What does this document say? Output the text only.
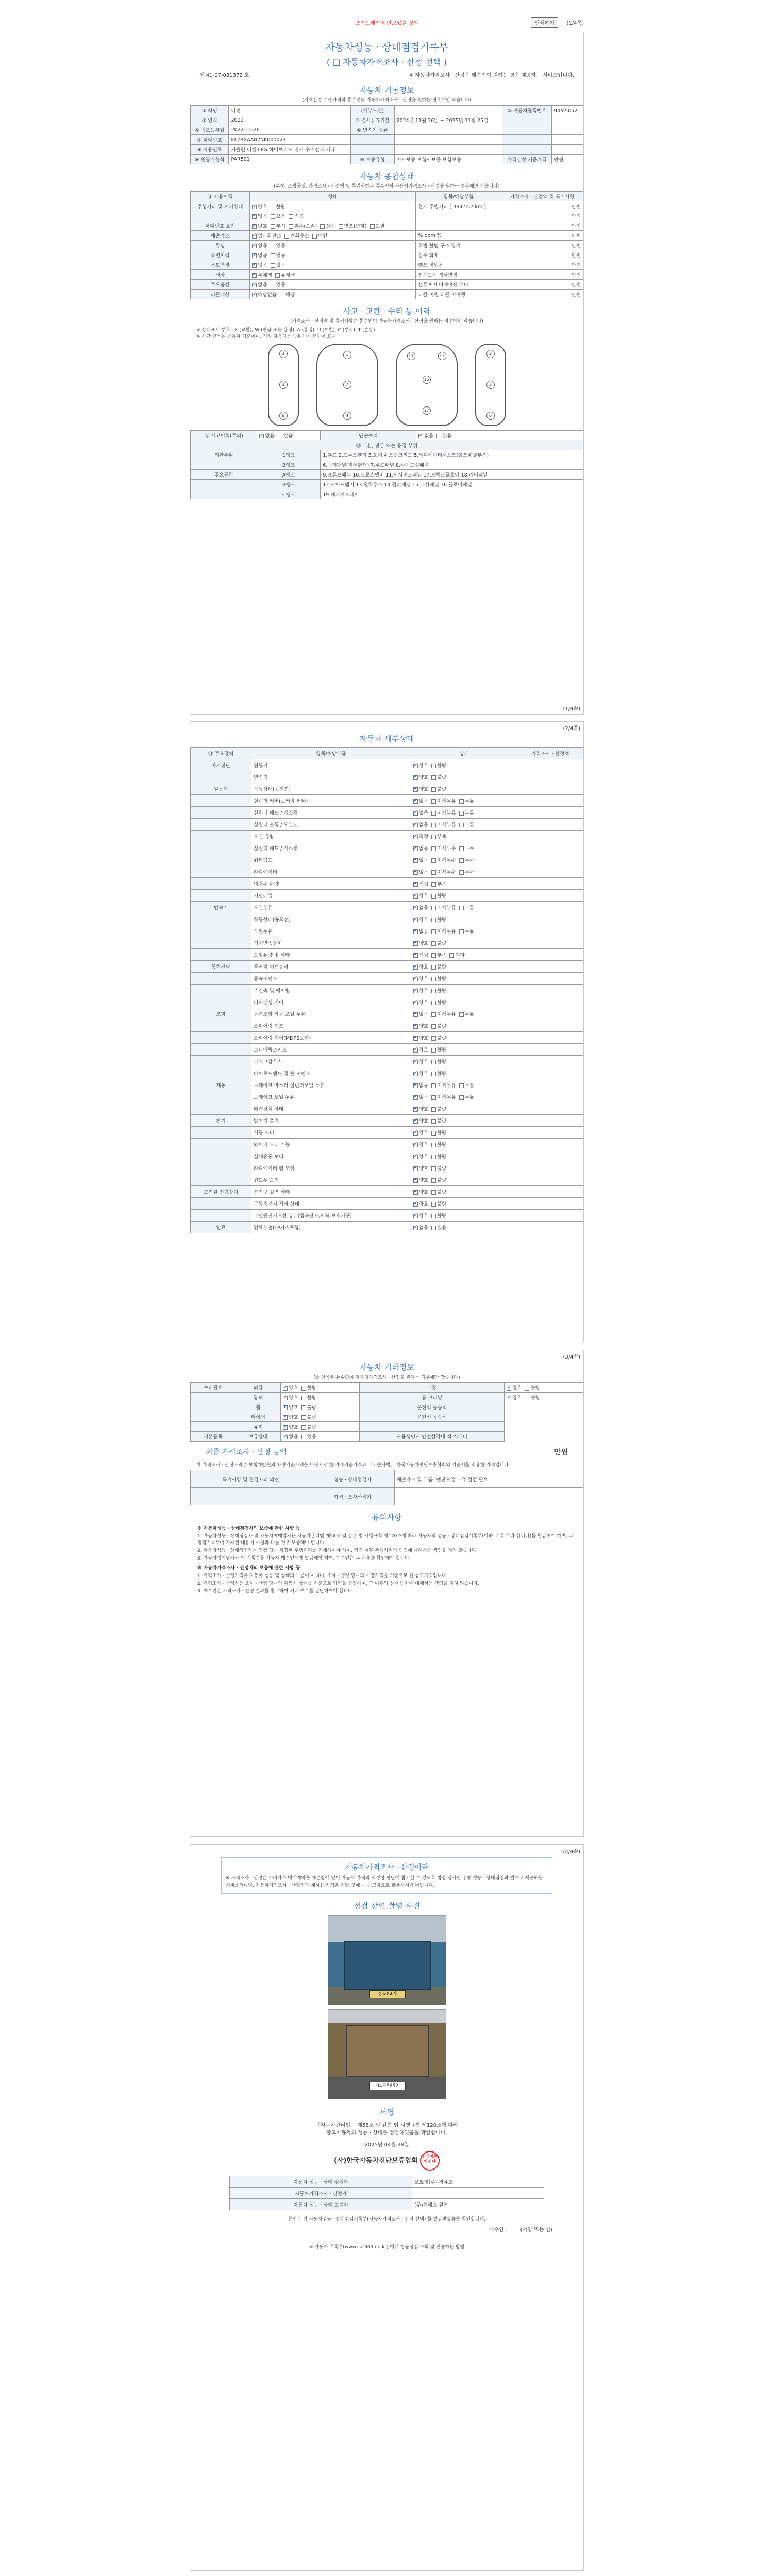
조인트레인데 안보았을 경의	인쇄하기	(1/4쪽)
자동차성능 · 상태점검기록부
( □ 자동차가격조사 · 산정 선택 )
제 41-07-081372 호	※ 자동차가격조사 · 산정은 매수인이 원하는 경우 제공하는 서비스입니다.
자동차 기본정보
(가격산정 기준가격과 통수인의 자동차가격조사 · 산정을 원하는 경우에만 작습니다)
① 차명	다면	(세부모델)		② 자동차등록번호	94도5852
③ 연식	2022	④ 검사유효기간	2024년 11월 26일 ~ 2025년 11월 25일		
⑤ 최초등록일	2022-11-26	⑥ 변속기 종류			
⑦ 차대번호	KL7RXAAB2NK000023				
⑧ 사용연료	가솔린 디젤 LPG 하이브리드 전기 수소전기 기타				
⑨ 원동기형식	PAR501	⑩ 보증유형	자가보증 보험사보증 보험보증	가격산정 기준가격	만원
자동차 종합상태
(부상, 조립품질, 가격조사 · 산정액 및 특기사항은 통수인이 자동차가격조사 · 산정을 원하는 경우에만 작습니다)
⑪ 사용이력	상태	항목/해당부품	가격조사 · 산정액 및 특기사항
주행거리 및 계기상태	✔양호 불량	현재 주행거리 [ 384,557 km ]	만원
	✔많음 보통 적음		만원
차대번호 표기	✔양호 부식 훼손(오손) 상이 변조(변타) 도말		만원
배출가스	✔일산화탄소 탄화수소 매연	% ppm %	만원
튜닝	✔없음 있음	적법 불법 구조 장치	만원
특별이력	✔없음 있음	침수 화재	만원
용도변경	✔없음 있음	렌트 영업용	만원
색상	✔무채색 유채색	전체도색 색상변경	만원
주요옵션	✔없음 있음	선루프 내비게이션 기타	만원
리콜대상	✔해당없음 해당	리콜 이행 리콜 미이행	만원
사고 · 교환 · 수리 등 이력
(가격조사 · 산정액 및 특기사항은 통수인이 자동차가격조사 · 산정을 원하는 경우에만 작습니다)
※ 상태표시 부호 : X (교환), W (판금 또는 용접), A (흠집), U (요철), C (부식), T (손상)
※ 하단 항목은 승용차 기준이며, 기타 자동차는 승용차에 준하여 표시
3
3
6
1
7
4
11	12
16
17
2
3
6
⑫ 사고이력(주의)	✔없음 있음	단순수리	✔없음 있음
⑬ 교환, 판금 또는 용접 부위			
외판부위	1랭크	1.후드 2.프론트펜더 3.도어 4.트렁크리드 5.라디에이터서포트(볼트체결부품)	
	2랭크	6.쿼터패널(리어펜더) 7.루프패널 8.사이드실패널	
주요골격	A랭크	9.프론트패널 10.크로스멤버 11.인사이드패널 17.트렁크플로어 18.리어패널	
	B랭크	12.사이드멤버 13.휠하우스 14.필러패널 15.대쉬패널 16.플로어패널	
	C랭크	19.패키지트레이	
(1/4쪽)
(2/4쪽)
자동차 세부상태
⑭ 주요장치	항목/해당부품	상태	가격조사 · 산정액
자기진단	원동기	✔양호 불량	
	변속기	✔양호 불량	
원동기	작동상태(공회전)	✔양호 불량	
	실린더 커버(로커암 커버)	✔없음 미세누유 누유	
	실린더 헤드 / 개스킷	✔없음 미세누유 누유	
	실린더 블록 / 오일팬	✔없음 미세누유 누유	
	오일 유량	✔적정 부족	
	실린더 헤드 / 개스킷	✔없음 미세누수 누수	
	워터펌프	✔없음 미세누수 누수	
	라디에이터	✔없음 미세누수 누수	
	냉각수 수량	✔적정 부족	
	커먼레일	✔양호 불량	
변속기	오일누유	✔없음 미세누유 누유	
	작동상태(공회전)	✔양호 불량	
	오일누유	✔없음 미세누유 누유	
	기어변속장치	✔양호 불량	
	오일유량 및 상태	✔적정 부족 과다	
동력전달	클러치 어셈블리	✔양호 불량	
	등속조인트	✔양호 불량	
	추진축 및 베어링	✔양호 불량	
	디퍼렌셜 기어	✔양호 불량	
조향	동력조향 작동 오일 누유	✔없음 미세누유 누유	
	스티어링 펌프	✔양호 불량	
	스티어링 기어(MDPS포함)	✔양호 불량	
	스티어링조인트	✔양호 불량	
	파워고압호스	✔양호 불량	
	타이로드엔드 및 볼 조인트	✔양호 불량	
제동	브레이크 마스터 실린더오일 누유	✔없음 미세누유 누유	
	브레이크 오일 누유	✔없음 미세누유 누유	
	배력장치 상태	✔양호 불량	
전기	발전기 출력	✔양호 불량	
	시동 모터	✔양호 불량	
	와이퍼 모터 기능	✔양호 불량	
	실내송풍 모터	✔양호 불량	
	라디에이터 팬 모터	✔양호 불량	
	윈도우 모터	✔양호 불량	
고전원 전기장치	충전구 절연 상태	✔양호 불량	
	구동축전지 격리 상태	✔양호 불량	
	고전원전기배선 상태(접속단자,피복,보호기구)	✔양호 불량	
연료	연료누출(LP가스포함)	✔없음 있음	
(3/4쪽)
자동차 기타정보
(① 항목은 통수인이 자동차가격조사 · 산정을 원하는 경우에만 작습니다)
수리필요	외장	✔양호 불량	내장	✔양호 불량
	광택	✔양호 불량	룸 크리닝	✔양호 불량
	휠	✔양호 불량	운전석 동승석	
	타이어	✔양호 불량	운전석 동승석	
	유리	✔양호 불량	
기본품목	보유상태	✔없음 있음	사용설명서 안전삼각대 잭 스패너	
최종 가격조사 · 산정 금액	만원
이 가격조사 · 산정가격은 보험개발원의 차량기준가액을 바탕으로 한 가격기준가격과 「기술사법」 한국자동차진단보증협회의 기준서를 적용한 가격입니다.
특기사항 및 점검자의 의견	성능 · 상태점검자	배출가스 및 부품: 엔진오일 누유 점검 필요
	가격 · 조사산정자	
유의사항
※ 자동차성능 · 상태점검자의 보증에 관한 사항 등
1. 자동차성능 · 상태점검자 및 자동차매매업자는 자동차관리법 제58조 및 같은 법 시행규칙 제120조에 따라 자동차의 성능 · 상태점검기록부(이하 '기록부'라 합니다)를 발급해야 하며, 그 점검기록부에 기재된 내용이 사실과 다를 경우 보증해야 합니다.
2. 자동차성능 · 상태점검자는 점검 당시 측정한 주행거리를 기재하여야 하며, 점검 이후 주행거리의 변경에 대해서는 책임을 지지 않습니다.
3. 자동차매매업자는 이 기록부를 자동차 매수인에게 발급해야 하며, 매수인은 그 내용을 확인해야 합니다.
※ 자동차가격조사 · 산정자의 보증에 관한 사항 등
1. 가격조사 · 산정가격은 자동차 성능 및 상태의 보증이 아니며, 조사 · 산정 당시의 시장가격을 기준으로 한 참고가격입니다.
2. 가격조사 · 산정자는 조사 · 산정 당시의 자동차 상태를 기준으로 가격을 산정하며, 그 이후의 상태 변화에 대해서는 책임을 지지 않습니다.
3. 매수인은 가격조사 · 산정 결과를 참고하여 거래 여부를 판단하여야 합니다.
(4/4쪽)
자동차가격조사 · 산정이란
※ 가격조사 · 산정은 소비자가 매매계약을 체결함에 있어 자동차 가격의 적정성 판단에 참고할 수 있도록 법정 검사인 주행 성능 · 상태점검과 별개로 제공하는 서비스입니다. 자동차가격조사 · 산정자가 제시한 가격은 차량 구매 시 참고자료로 활용하시기 바랍니다.
점검 장면 촬영 사진
경북84자
94도5852
서명
「자동차관리법」 제58조 및 같은 법 시행규칙 제120조에 따라
중고자동차의 성능 · 상태를 점검하였음을 확인합니다.
2025년 04월 28일
(사)한국자동차진단보증협회 한국자동차진단
자동차 성능 · 상태 점검자	오토핏(주) 경유조
자동차가격조사 · 산정자	
자동차 성능 · 상태 고지자	(주)원해스 원복
본인은 위 자동차성능 · 상태점검기록부(자동차가격조사 · 산정 선택) 를 발급받았음을 확인합니다.
매수인 :	(서명 또는 인)
※ 자동차 기록부(www.car365.go.kr) 에서 성능점검 조회 및 전송하는 방법
